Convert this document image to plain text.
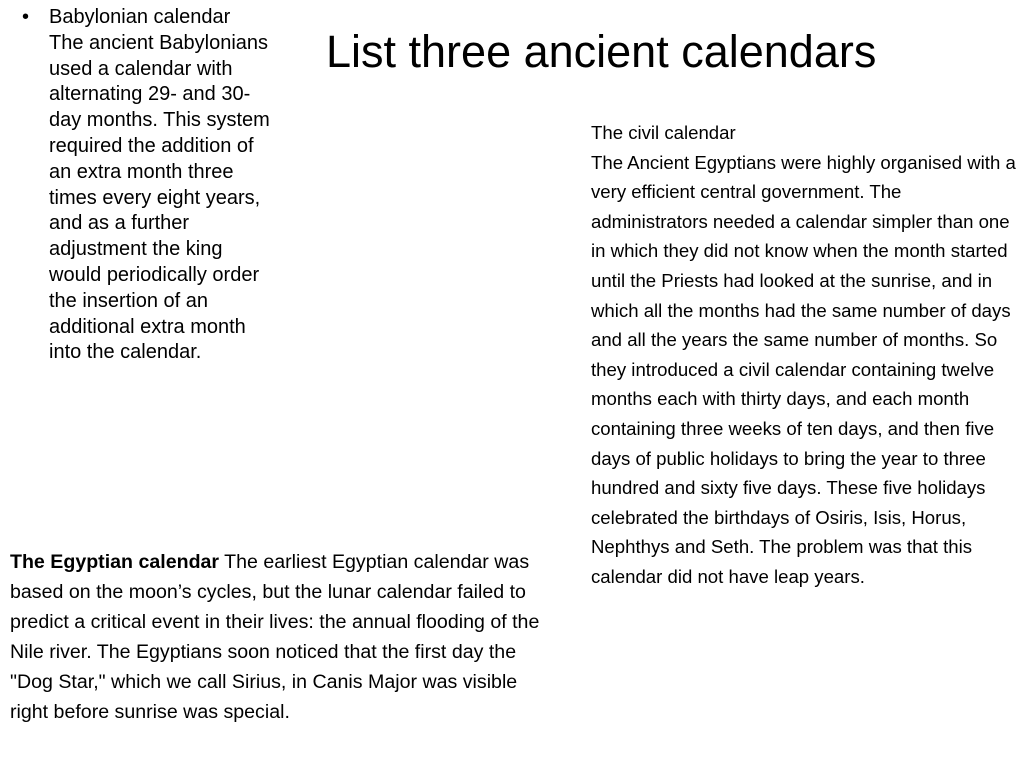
List three ancient calendars
• Babylonian calendar
The ancient Babylonians used a calendar with alternating 29- and 30-day months. This system required the addition of an extra month three times every eight years, and as a further adjustment the king would periodically order the insertion of an additional extra month into the calendar.
The Egyptian calendar The earliest Egyptian calendar was based on the moon’s cycles, but the lunar calendar failed to predict a critical event in their lives: the annual flooding of the Nile river. The Egyptians soon noticed that the first day the "Dog Star," which we call Sirius, in Canis Major was visible right before sunrise was special.
The civil calendar
The Ancient Egyptians were highly organised with a very efficient central government. The administrators needed a calendar simpler than one in which they did not know when the month started until the Priests had looked at the sunrise, and in which all the months had the same number of days and all the years the same number of months. So they introduced a civil calendar containing twelve months each with thirty days, and each month containing three weeks of ten days, and then five days of public holidays to bring the year to three hundred and sixty five days. These five holidays celebrated the birthdays of Osiris, Isis, Horus, Nephthys and Seth. The problem was that this calendar did not have leap years.
